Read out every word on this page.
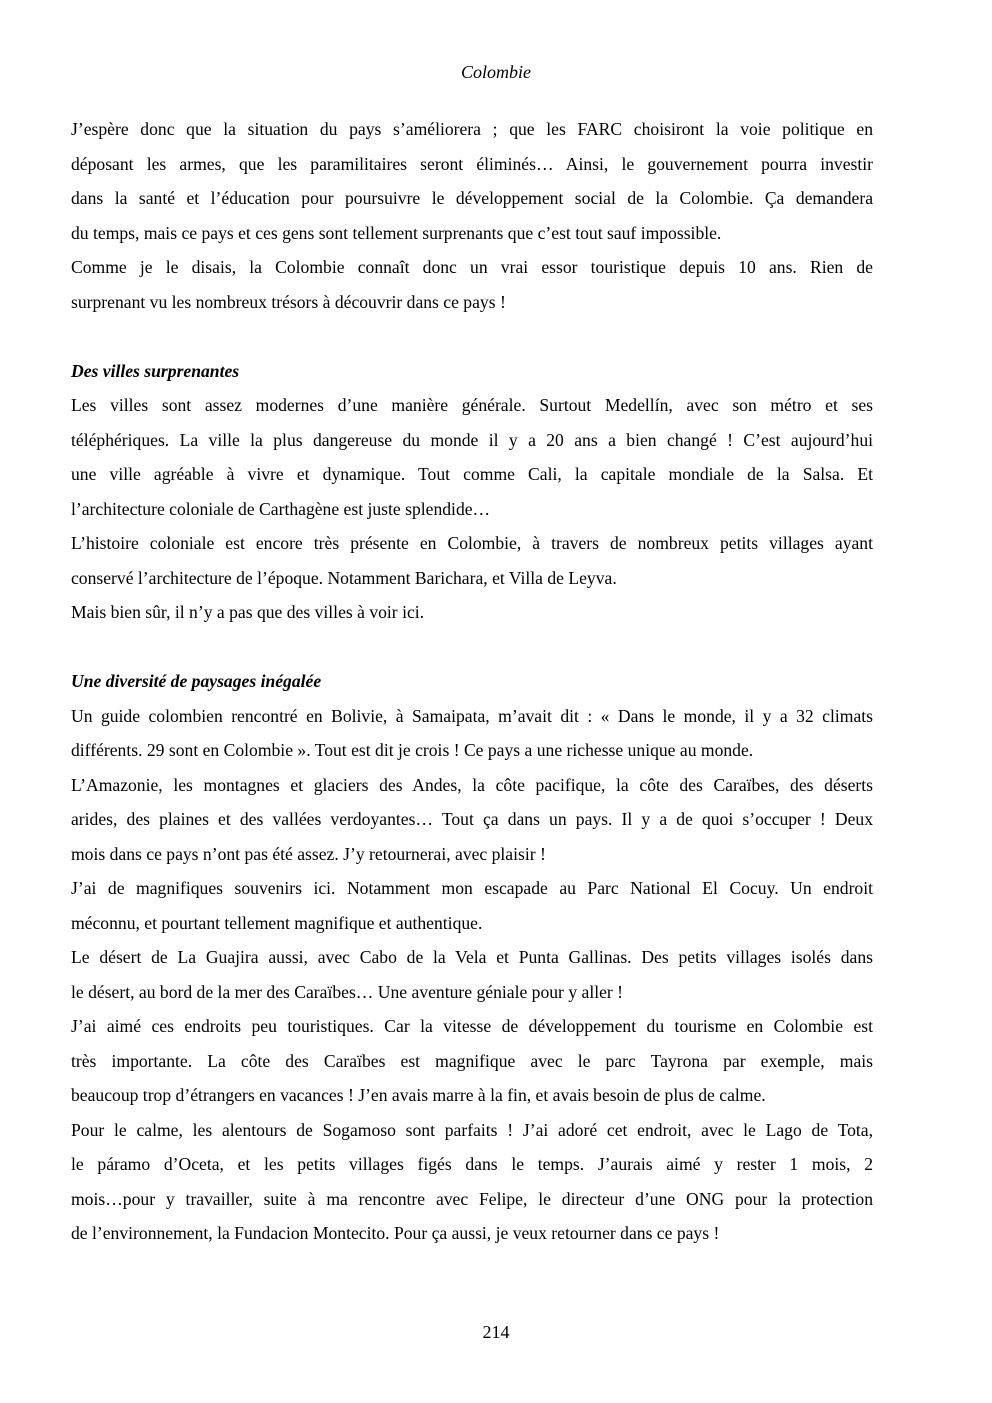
Colombie
J’espère donc que la situation du pays s’améliorera ; que les FARC choisiront la voie politique en
déposant les armes, que les paramilitaires seront éliminés… Ainsi, le gouvernement pourra investir
dans la santé et l’éducation pour poursuivre le développement social de la Colombie. Ça demandera
du temps, mais ce pays et ces gens sont tellement surprenants que c’est tout sauf impossible.
Comme je le disais, la Colombie connaît donc un vrai essor touristique depuis 10 ans. Rien de
surprenant vu les nombreux trésors à découvrir dans ce pays !
Des villes surprenantes
Les villes sont assez modernes d’une manière générale. Surtout Medellín, avec son métro et ses
téléphériques. La ville la plus dangereuse du monde il y a 20 ans a bien changé ! C’est aujourd’hui
une ville agréable à vivre et dynamique. Tout comme Cali, la capitale mondiale de la Salsa. Et
l’architecture coloniale de Carthagène est juste splendide…
L’histoire coloniale est encore très présente en Colombie, à travers de nombreux petits villages ayant
conservé l’architecture de l’époque. Notamment Barichara, et Villa de Leyva.
Mais bien sûr, il n’y a pas que des villes à voir ici.
Une diversité de paysages inégalée
Un guide colombien rencontré en Bolivie, à Samaipata, m’avait dit : « Dans le monde, il y a 32 climats
différents. 29 sont en Colombie ». Tout est dit je crois ! Ce pays a une richesse unique au monde.
L’Amazonie, les montagnes et glaciers des Andes, la côte pacifique, la côte des Caraïbes, des déserts
arides, des plaines et des vallées verdoyantes… Tout ça dans un pays. Il y a de quoi s’occuper ! Deux
mois dans ce pays n’ont pas été assez. J’y retournerai, avec plaisir !
J’ai de magnifiques souvenirs ici. Notamment mon escapade au Parc National El Cocuy. Un endroit
méconnu, et pourtant tellement magnifique et authentique.
Le désert de La Guajira aussi, avec Cabo de la Vela et Punta Gallinas. Des petits villages isolés dans
le désert, au bord de la mer des Caraïbes… Une aventure géniale pour y aller !
J’ai aimé ces endroits peu touristiques. Car la vitesse de développement du tourisme en Colombie est
très importante. La côte des Caraïbes est magnifique avec le parc Tayrona par exemple, mais
beaucoup trop d’étrangers en vacances ! J’en avais marre à la fin, et avais besoin de plus de calme.
Pour le calme, les alentours de Sogamoso sont parfaits ! J’ai adoré cet endroit, avec le Lago de Tota,
le páramo d’Oceta, et les petits villages figés dans le temps. J’aurais aimé y rester 1 mois, 2
mois…pour y travailler, suite à ma rencontre avec Felipe, le directeur d’une ONG pour la protection
de l’environnement, la Fundacion Montecito. Pour ça aussi, je veux retourner dans ce pays !
214
